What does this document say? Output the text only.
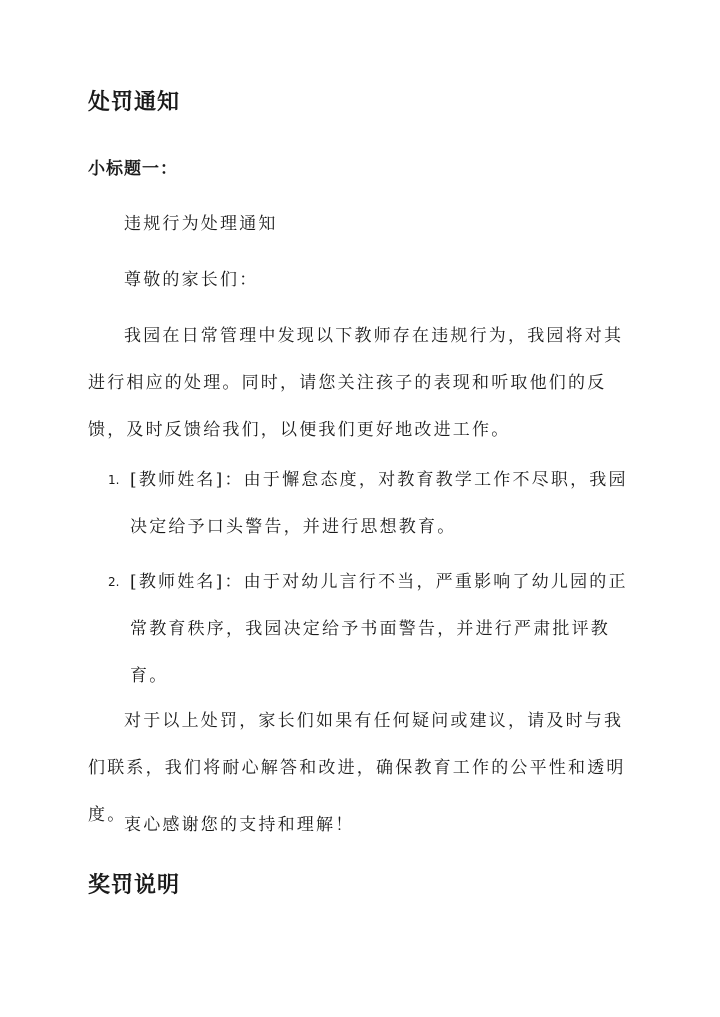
处罚通知
小标题一：

违规行为处理通知

尊敬的家长们：

我园在日常管理中发现以下教师存在违规行为，我园将对其进行相应的处理。同时，请您关注孩子的表现和听取他们的反馈，及时反馈给我们，以便我们更好地改进工作。

1. [教师姓名]：由于懈怠态度，对教育教学工作不尽职，我园决定给予口头警告，并进行思想教育。
2. [教师姓名]：由于对幼儿言行不当，严重影响了幼儿园的正常教育秩序，我园决定给予书面警告，并进行严肃批评教育。

对于以上处罚，家长们如果有任何疑问或建议，请及时与我们联系，我们将耐心解答和改进，确保教育工作的公平性和透明度。

衷心感谢您的支持和理解！

奖罚说明
